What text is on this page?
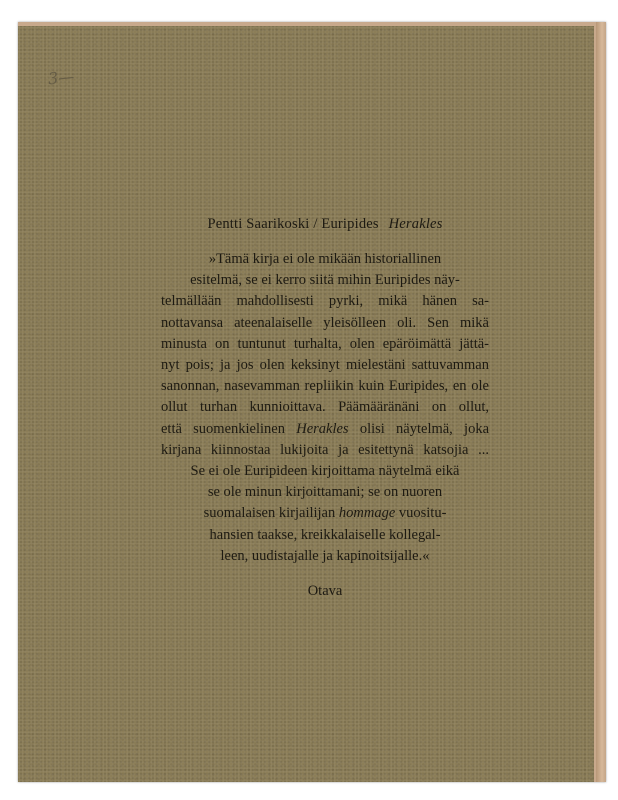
3—
Pentti Saarikoski / Euripides Herakles
»Tämä kirja ei ole mikään historiallinen
esitelmä, se ei kerro siitä mihin Euripides näy-
telmällään mahdollisesti pyrki, mikä hänen sa-
nottavansa ateenalaiselle yleisölleen oli. Sen mikä
minusta on tuntunut turhalta, olen epäröimättä jättä-
nyt pois; ja jos olen keksinyt mielestäni sattuvamman
sanonnan, nasevamman repliikin kuin Euripides, en ole
ollut turhan kunnioittava. Päämääränäni on ollut,
että suomenkielinen Herakles olisi näytelmä, joka
kirjana kiinnostaa lukijoita ja esitettynä katsojia ...
Se ei ole Euripideen kirjoittama näytelmä eikä
se ole minun kirjoittamani; se on nuoren
suomalaisen kirjailijan hommage vuositu-
hansien taakse, kreikkalaiselle kollegal-
leen, uudistajalle ja kapinoitsijalle.«
Otava
